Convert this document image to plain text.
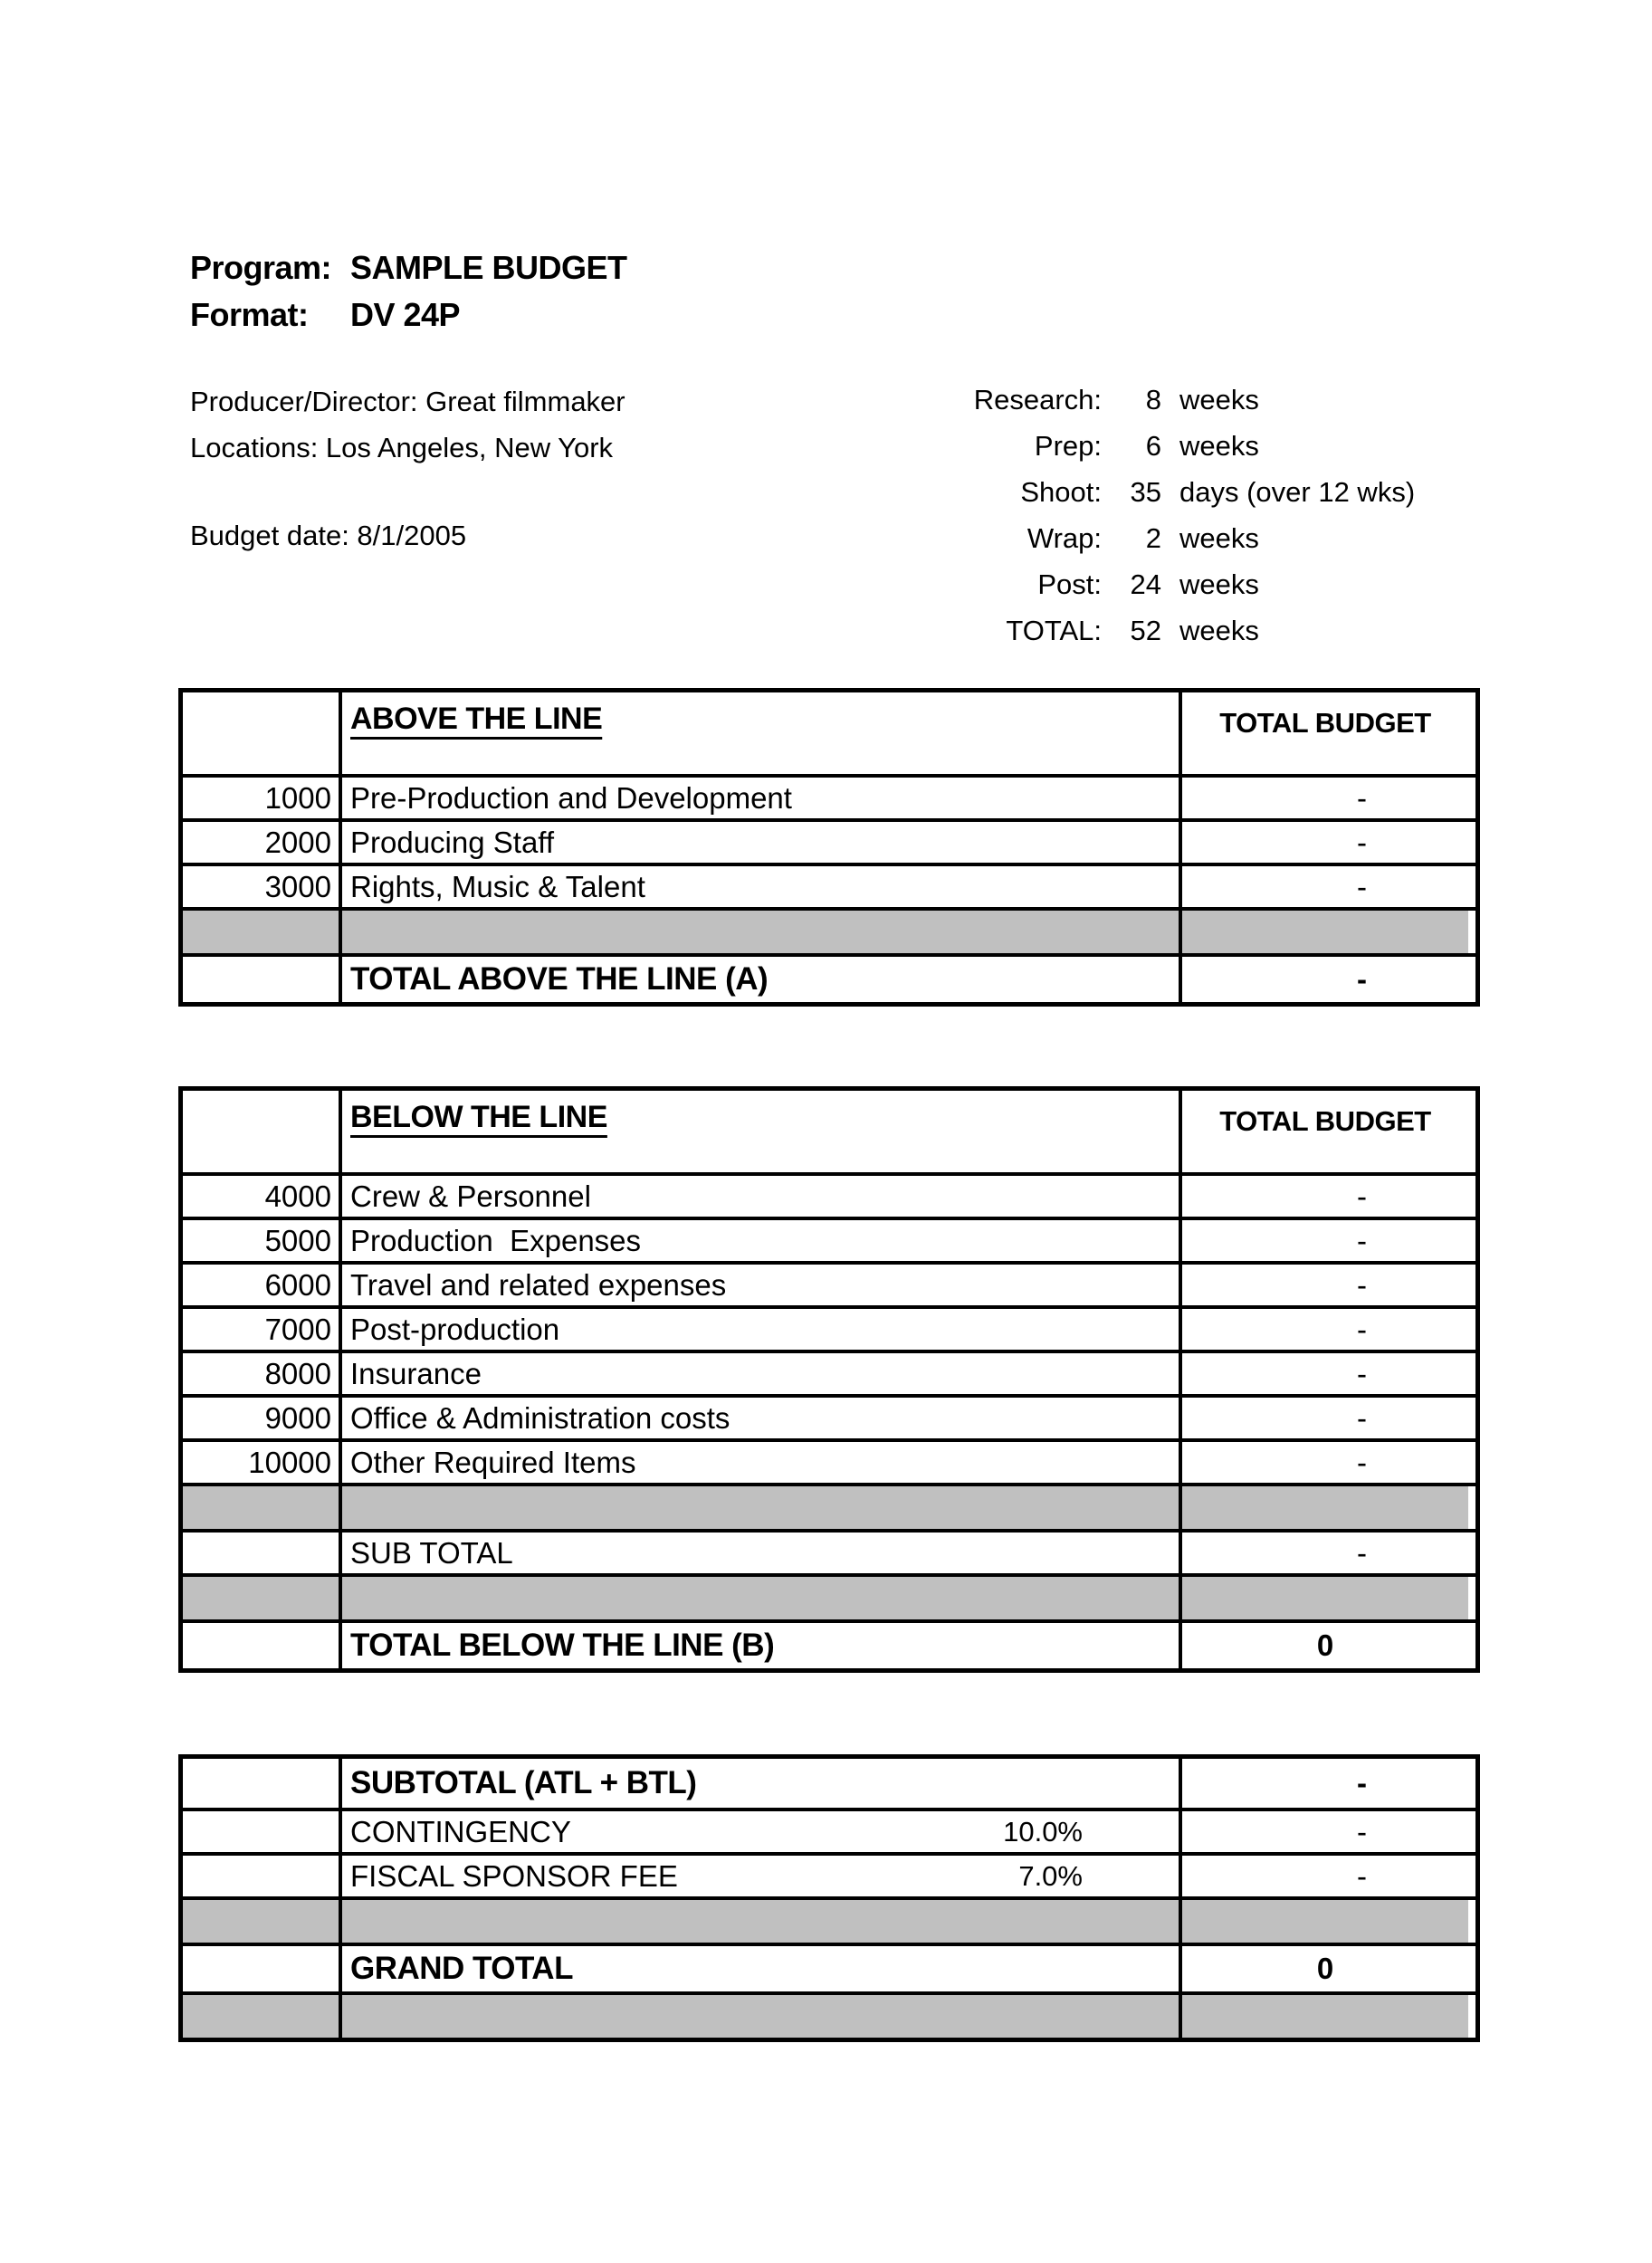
Program: SAMPLE BUDGET
Format:	DV 24P
Producer/Director: Great filmmaker
Locations: Los Angeles, New York
Budget date: 8/1/2005
Research:	8 weeks
Prep:	6 weeks
Shoot:	35 days (over 12 wks)
Wrap:	2 weeks
Post:	24 weeks
TOTAL:	52 weeks
ABOVE THE LINE	TOTAL BUDGET
1000 Pre-Production and Development	-
2000 Producing Staff	-
3000 Rights, Music & Talent	-
TOTAL ABOVE THE LINE (A)	-
BELOW THE LINE	TOTAL BUDGET
4000 Crew & Personnel	-
5000 Production  Expenses	-
6000 Travel and related expenses	-
7000 Post-production	-
8000 Insurance	-
9000 Office & Administration costs	-
10000 Other Required Items	-
SUB TOTAL	-
TOTAL BELOW THE LINE (B)	0
SUBTOTAL (ATL + BTL)	-
CONTINGENCY	10.0%	-
FISCAL SPONSOR FEE	7.0%	-
GRAND TOTAL	0
